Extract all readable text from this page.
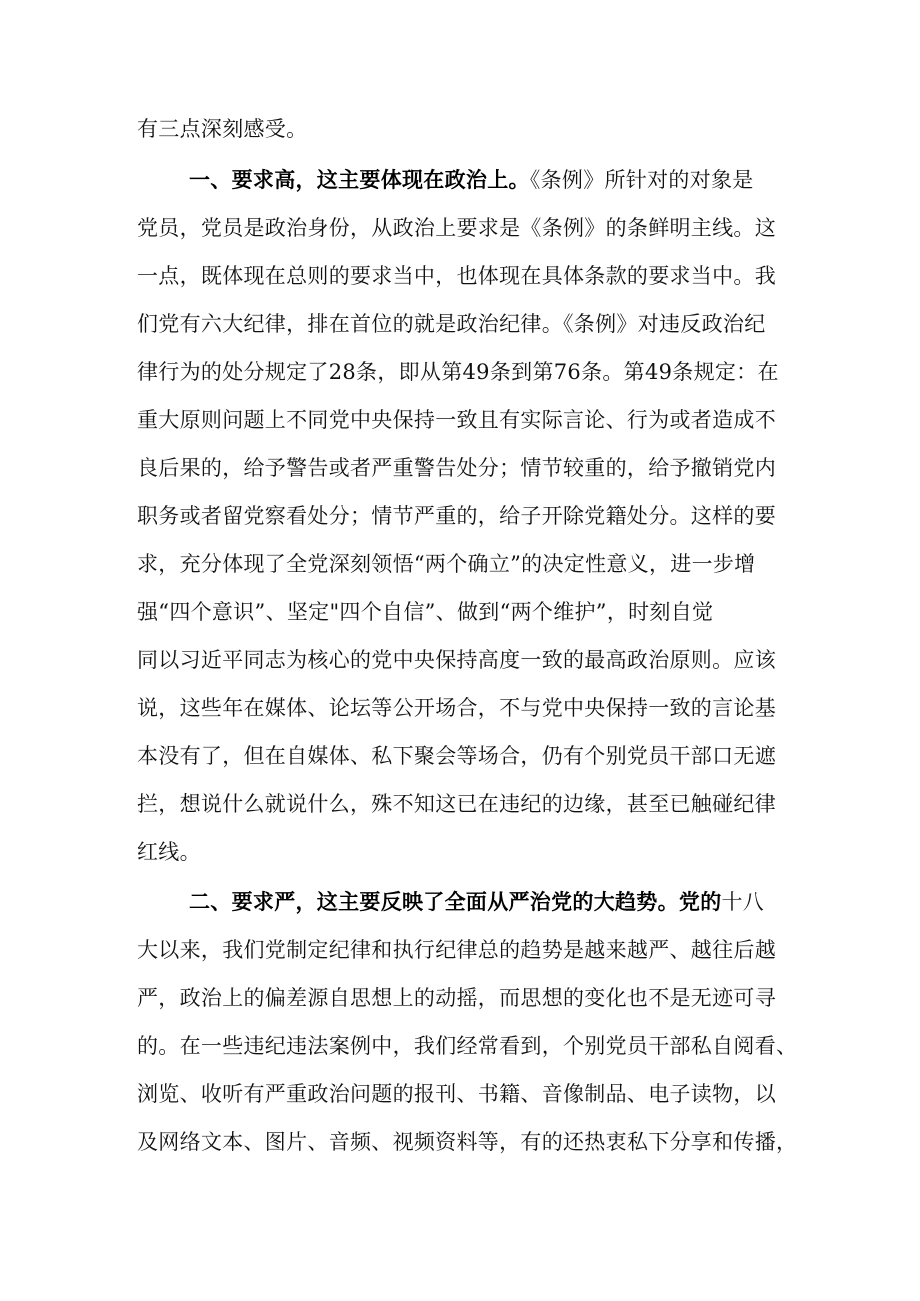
有三点深刻感受。

一、要求高，这主要体现在政治上。《条例》所针对的对象是

党员，党员是政治身份，从政治上要求是《条例》的条鲜明主线。这

一点，既体现在总则的要求当中，也体现在具体条款的要求当中。我

们党有六大纪律，排在首位的就是政治纪律。《条例》对违反政治纪

律行为的处分规定了28条，即从第49条到第76条。第49条规定：在

重大原则问题上不同党中央保持一致且有实际言论、行为或者造成不

良后果的，给予警告或者严重警告处分；情节较重的，给予撤销党内

职务或者留党察看处分；情节严重的，给子开除党籍处分。这样的要

求，充分体现了全党深刻领悟“两个确立”的决定性意义，进一步增

强“四个意识”、坚定"四个自信”、做到“两个维护”，时刻自觉

同以习近平同志为核心的党中央保持高度一致的最高政治原则。应该

说，这些年在媒体、论坛等公开场合，不与党中央保持一致的言论基

本没有了，但在自媒体、私下聚会等场合，仍有个别党员干部口无遮

拦，想说什么就说什么，殊不知这已在违纪的边缘，甚至已触碰纪律

红线。

二、要求严，这主要反映了全面从严治党的大趋势。党的十八

大以来，我们党制定纪律和执行纪律总的趋势是越来越严、越往后越

严，政治上的偏差源自思想上的动摇，而思想的变化也不是无迹可寻

的。在一些违纪违法案例中，我们经常看到，个别党员干部私自阅看、

浏览、收听有严重政治问题的报刊、书籍、音像制品、电子读物，以

及网络文本、图片、音频、视频资料等，有的还热衷私下分享和传播，
